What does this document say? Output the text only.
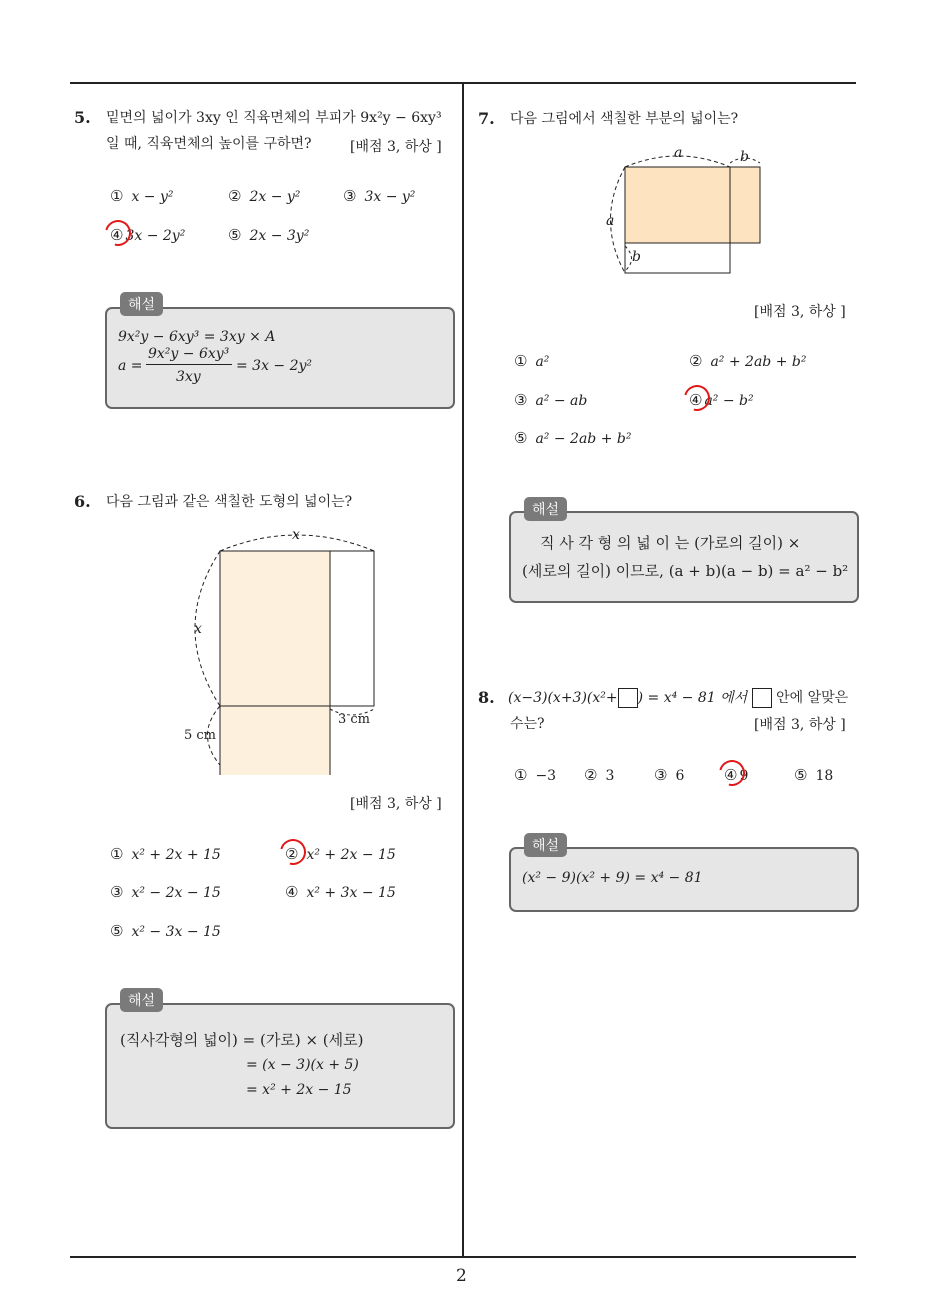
2
5. 밑면의 넓이가 3xy 인 직육면체의 부피가 9x²y − 6xy³
일 때, 직육면체의 높이를 구하면?	[배점 3, 하상 ]
① x − y²	② 2x − y²	③ 3x − y²
④ 3x − 2y²	⑤ 2x − 3y²
해설
9x²y − 6xy³ = 3xy × A
a =
9x²y − 6xy³
3xy
= 3x − 2y²
6. 다음 그림과 같은 색칠한 도형의 넓이는?
x
x
5 cm
3 cm
[배점 3, 하상 ]
① x² + 2x + 15	② x² + 2x − 15
③ x² − 2x − 15	④ x² + 3x − 15
⑤ x² − 3x − 15
해설
(직사각형의 넓이) = (가로) × (세로)
= (x − 3)(x + 5)
= x² + 2x − 15
7. 다음 그림에서 색칠한 부분의 넓이는?
a	b
a
b
[배점 3, 하상 ]
① a²	② a² + 2ab + b²
③ a² − ab	④ a² − b²
⑤ a² − 2ab + b²
해설
직 사 각 형 의 넓 이 는 (가로의 길이) ×
(세로의 길이) 이므로, (a + b)(a − b) = a² − b²
8. (x−3)(x+3)(x²+ ) = x⁴ − 81 에서 안에 알맞은
수는?	[배점 3, 하상 ]
① −3 ② 3	③ 6	④ 9	⑤ 18
해설
(x² − 9)(x² + 9) = x⁴ − 81
